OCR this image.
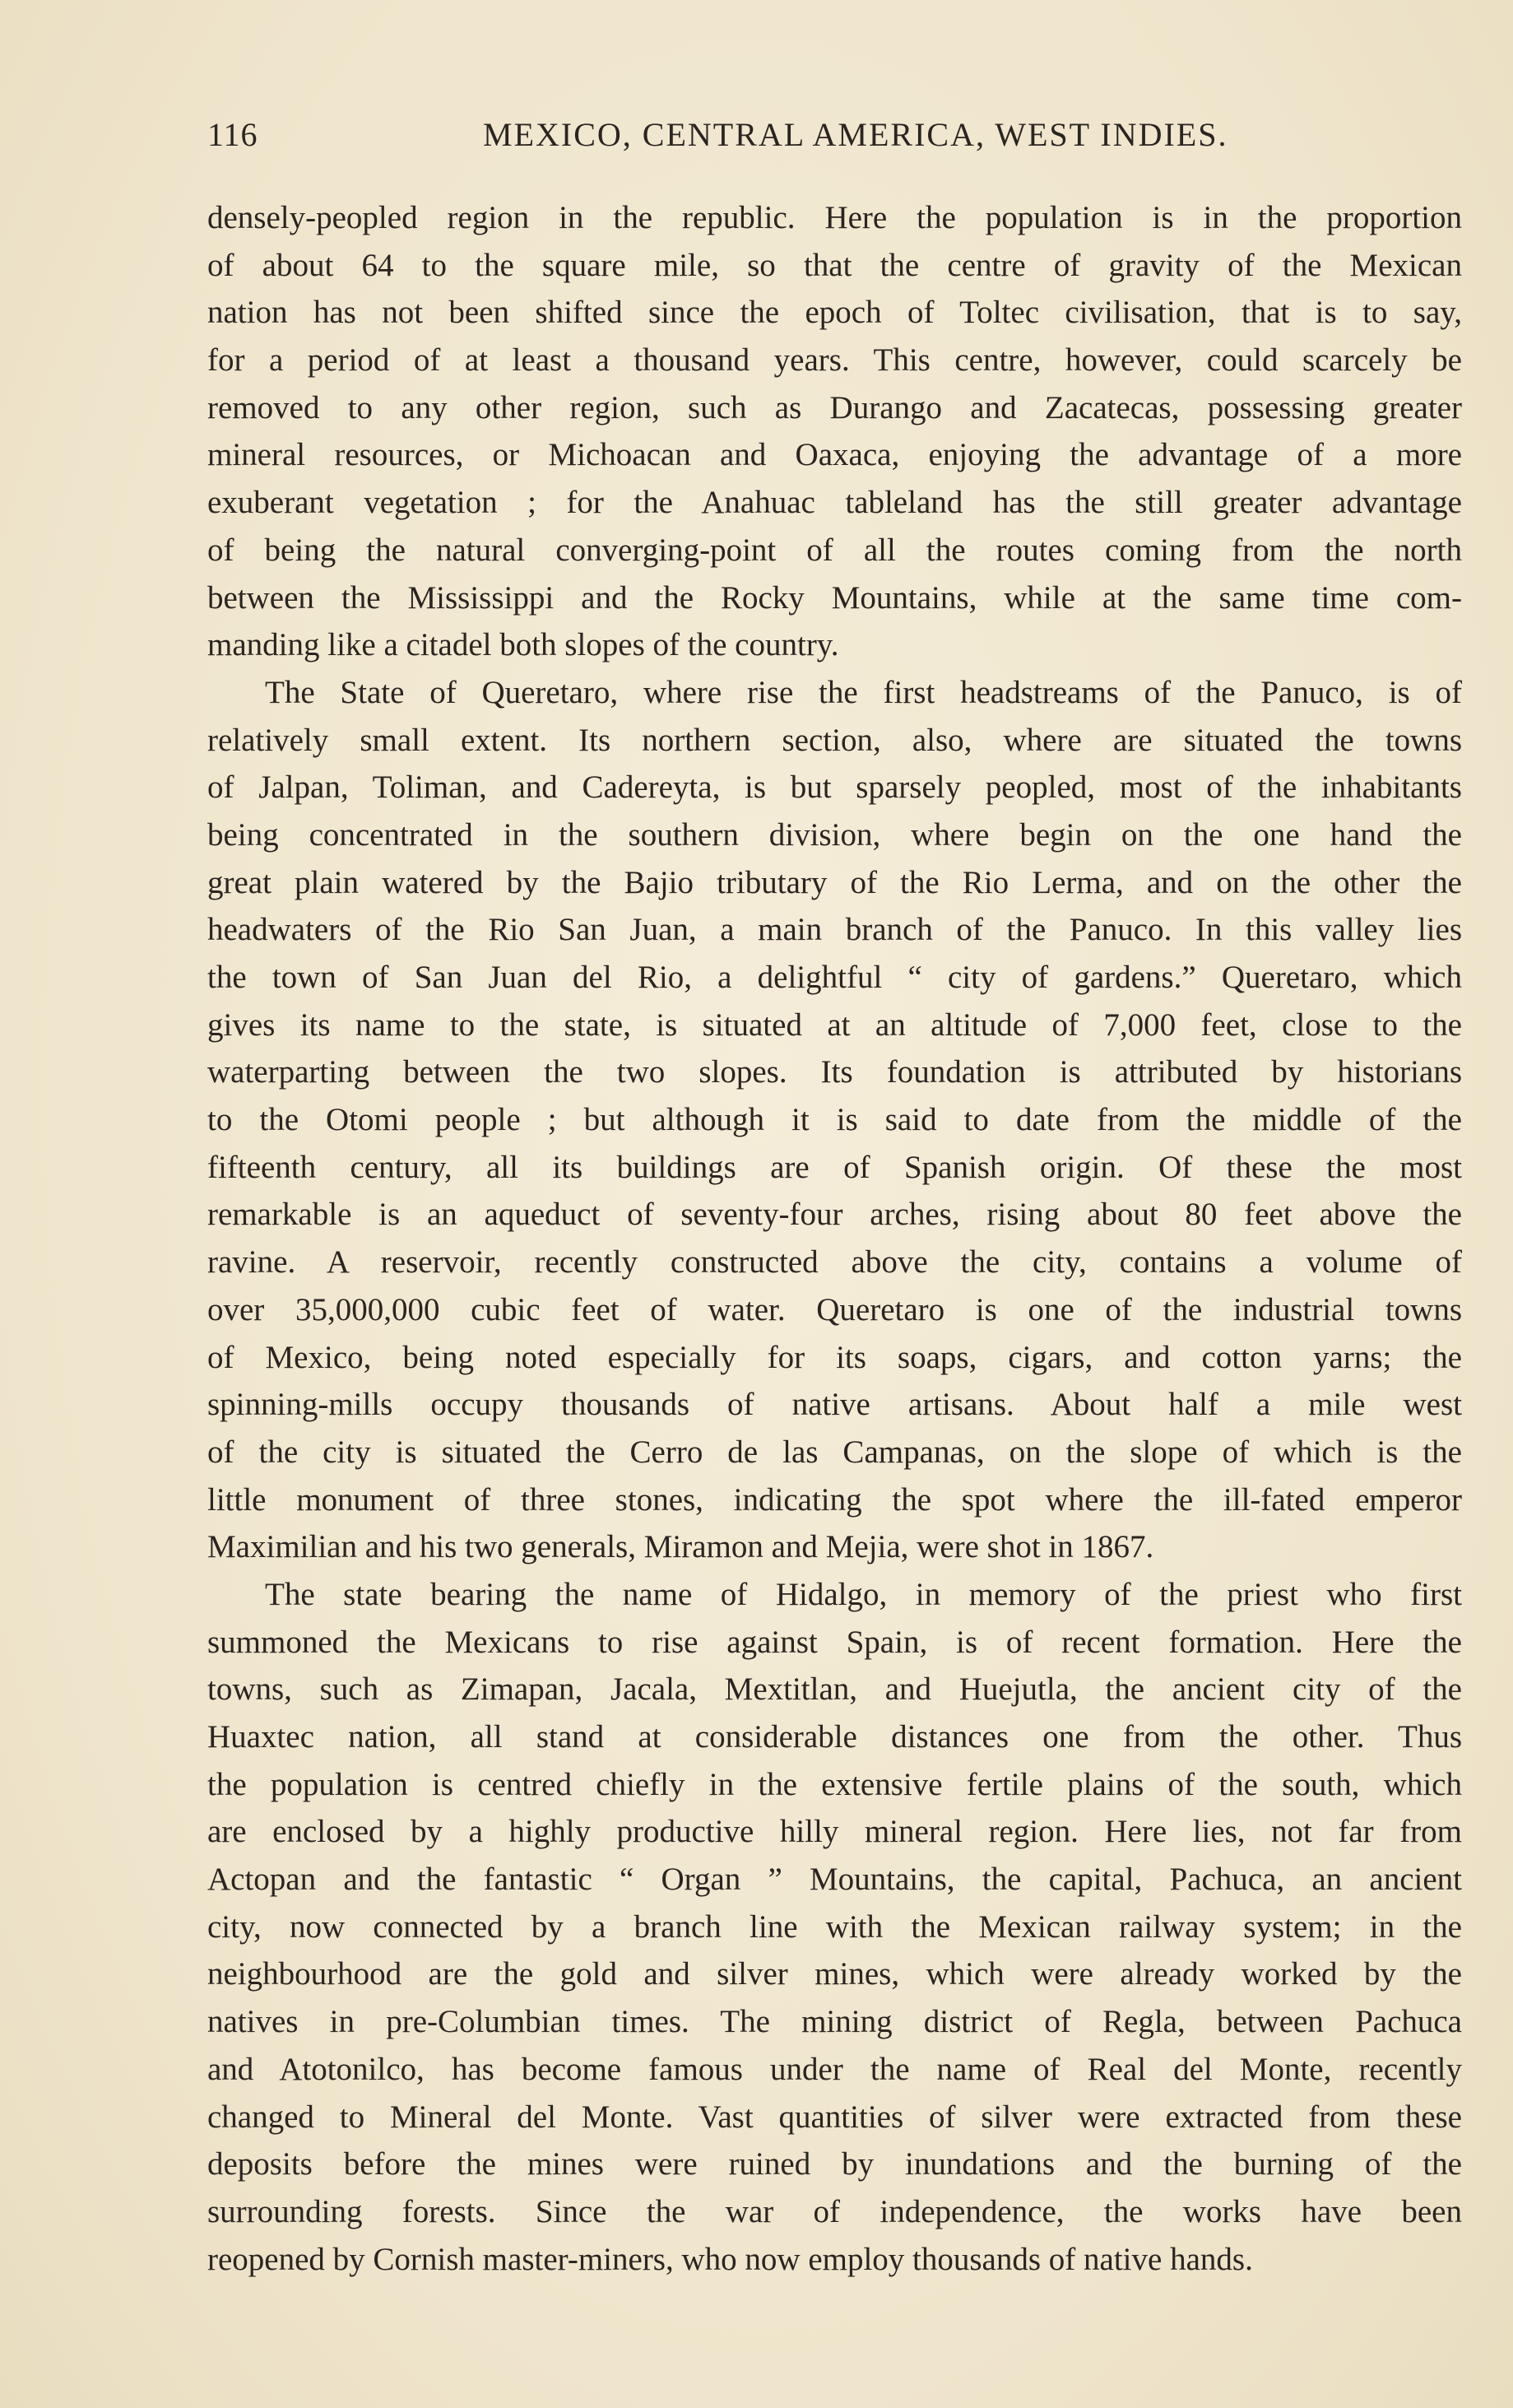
116	MEXICO, CENTRAL AMERICA, WEST INDIES.
densely-peopled region in the republic. Here the population is in the proportion
of about 64 to the square mile, so that the centre of gravity of the Mexican
nation has not been shifted since the epoch of Toltec civilisation, that is to say,
for a period of at least a thousand years. This centre, however, could scarcely be
removed to any other region, such as Durango and Zacatecas, possessing greater
mineral resources, or Michoacan and Oaxaca, enjoying the advantage of a more
exuberant vegetation ; for the Anahuac tableland has the still greater advantage
of being the natural converging-point of all the routes coming from the north
between the Mississippi and the Rocky Mountains, while at the same time com-
manding like a citadel both slopes of the country.
The State of Queretaro, where rise the first headstreams of the Panuco, is of
relatively small extent. Its northern section, also, where are situated the towns
of Jalpan, Toliman, and Cadereyta, is but sparsely peopled, most of the inhabitants
being concentrated in the southern division, where begin on the one hand the
great plain watered by the Bajio tributary of the Rio Lerma, and on the other the
headwaters of the Rio San Juan, a main branch of the Panuco. In this valley lies
the town of San Juan del Rio, a delightful “ city of gardens.” Queretaro, which
gives its name to the state, is situated at an altitude of 7,000 feet, close to the
waterparting between the two slopes. Its foundation is attributed by historians
to the Otomi people ; but although it is said to date from the middle of the
fifteenth century, all its buildings are of Spanish origin. Of these the most
remarkable is an aqueduct of seventy-four arches, rising about 80 feet above the
ravine. A reservoir, recently constructed above the city, contains a volume of
over 35,000,000 cubic feet of water. Queretaro is one of the industrial towns
of Mexico, being noted especially for its soaps, cigars, and cotton yarns; the
spinning-mills occupy thousands of native artisans. About half a mile west
of the city is situated the Cerro de las Campanas, on the slope of which is the
little monument of three stones, indicating the spot where the ill-fated emperor
Maximilian and his two generals, Miramon and Mejia, were shot in 1867.
The state bearing the name of Hidalgo, in memory of the priest who first
summoned the Mexicans to rise against Spain, is of recent formation. Here the
towns, such as Zimapan, Jacala, Mextitlan, and Huejutla, the ancient city of the
Huaxtec nation, all stand at considerable distances one from the other. Thus
the population is centred chiefly in the extensive fertile plains of the south, which
are enclosed by a highly productive hilly mineral region. Here lies, not far from
Actopan and the fantastic “ Organ ” Mountains, the capital, Pachuca, an ancient
city, now connected by a branch line with the Mexican railway system; in the
neighbourhood are the gold and silver mines, which were already worked by the
natives in pre-Columbian times. The mining district of Regla, between Pachuca
and Atotonilco, has become famous under the name of Real del Monte, recently
changed to Mineral del Monte. Vast quantities of silver were extracted from these
deposits before the mines were ruined by inundations and the burning of the
surrounding forests. Since the war of independence, the works have been
reopened by Cornish master-miners, who now employ thousands of native hands.
